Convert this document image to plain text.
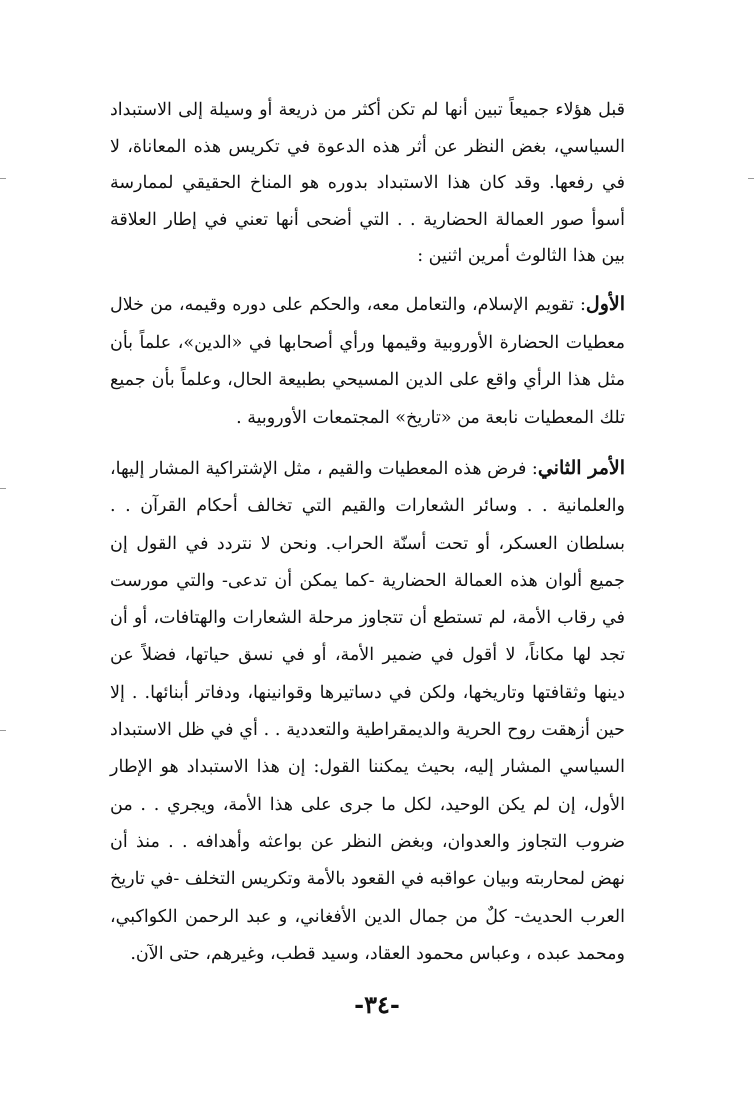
قبل هؤلاء جميعاً تبين أنها لم تكن أكثر من ذريعة أو وسيلة إلى الاستبداد السياسي، بغض النظر عن أثر هذه الدعوة في تكريس هذه المعاناة، لا في رفعها. وقد كان هذا الاستبداد بدوره هو المناخ الحقيقي لممارسة أسوأ صور العمالة الحضارية . . التي أضحى أنها تعني في إطار العلاقة بين هذا الثالوث أمرين اثنين :

الأول: تقويم الإسلام، والتعامل معه، والحكم على دوره وقيمه، من خلال معطيات الحضارة الأوروبية وقيمها ورأي أصحابها في «الدين»، علماً بأن مثل هذا الرأي واقع على الدين المسيحي بطبيعة الحال، وعلماً بأن جميع تلك المعطيات نابعة من «تاريخ» المجتمعات الأوروبية .

الأمر الثاني: فرض هذه المعطيات والقيم ، مثل الإشتراكية المشار إليها، والعلمانية . . وسائر الشعارات والقيم التي تخالف أحكام القرآن . . بسلطان العسكر، أو تحت أسنّة الحراب. ونحن لا نتردد في القول إن جميع ألوان هذه العمالة الحضارية -كما يمكن أن تدعى- والتي مورست في رقاب الأمة، لم تستطع أن تتجاوز مرحلة الشعارات والهتافات، أو أن تجد لها مكاناً، لا أقول في ضمير الأمة، أو في نسق حياتها، فضلاً عن دينها وثقافتها وتاريخها، ولكن في دساتيرها وقوانينها، ودفاتر أبنائها. . إلا حين أزهقت روح الحرية والديمقراطية والتعددية . . أي في ظل الاستبداد السياسي المشار إليه، بحيث يمكننا القول: إن هذا الاستبداد هو الإطار الأول، إن لم يكن الوحيد، لكل ما جرى على هذا الأمة، ويجري . . من ضروب التجاوز والعدوان، وبغض النظر عن بواعثه وأهدافه . . منذ أن نهض لمحاربته وبيان عواقبه في القعود بالأمة وتكريس التخلف -في تاريخ العرب الحديث- كلٌ من جمال الدين الأفغاني، و عبد الرحمن الكواكبي، ومحمد عبده ، وعباس محمود العقاد، وسيد قطب، وغيرهم، حتى الآن.

-٣٤-
